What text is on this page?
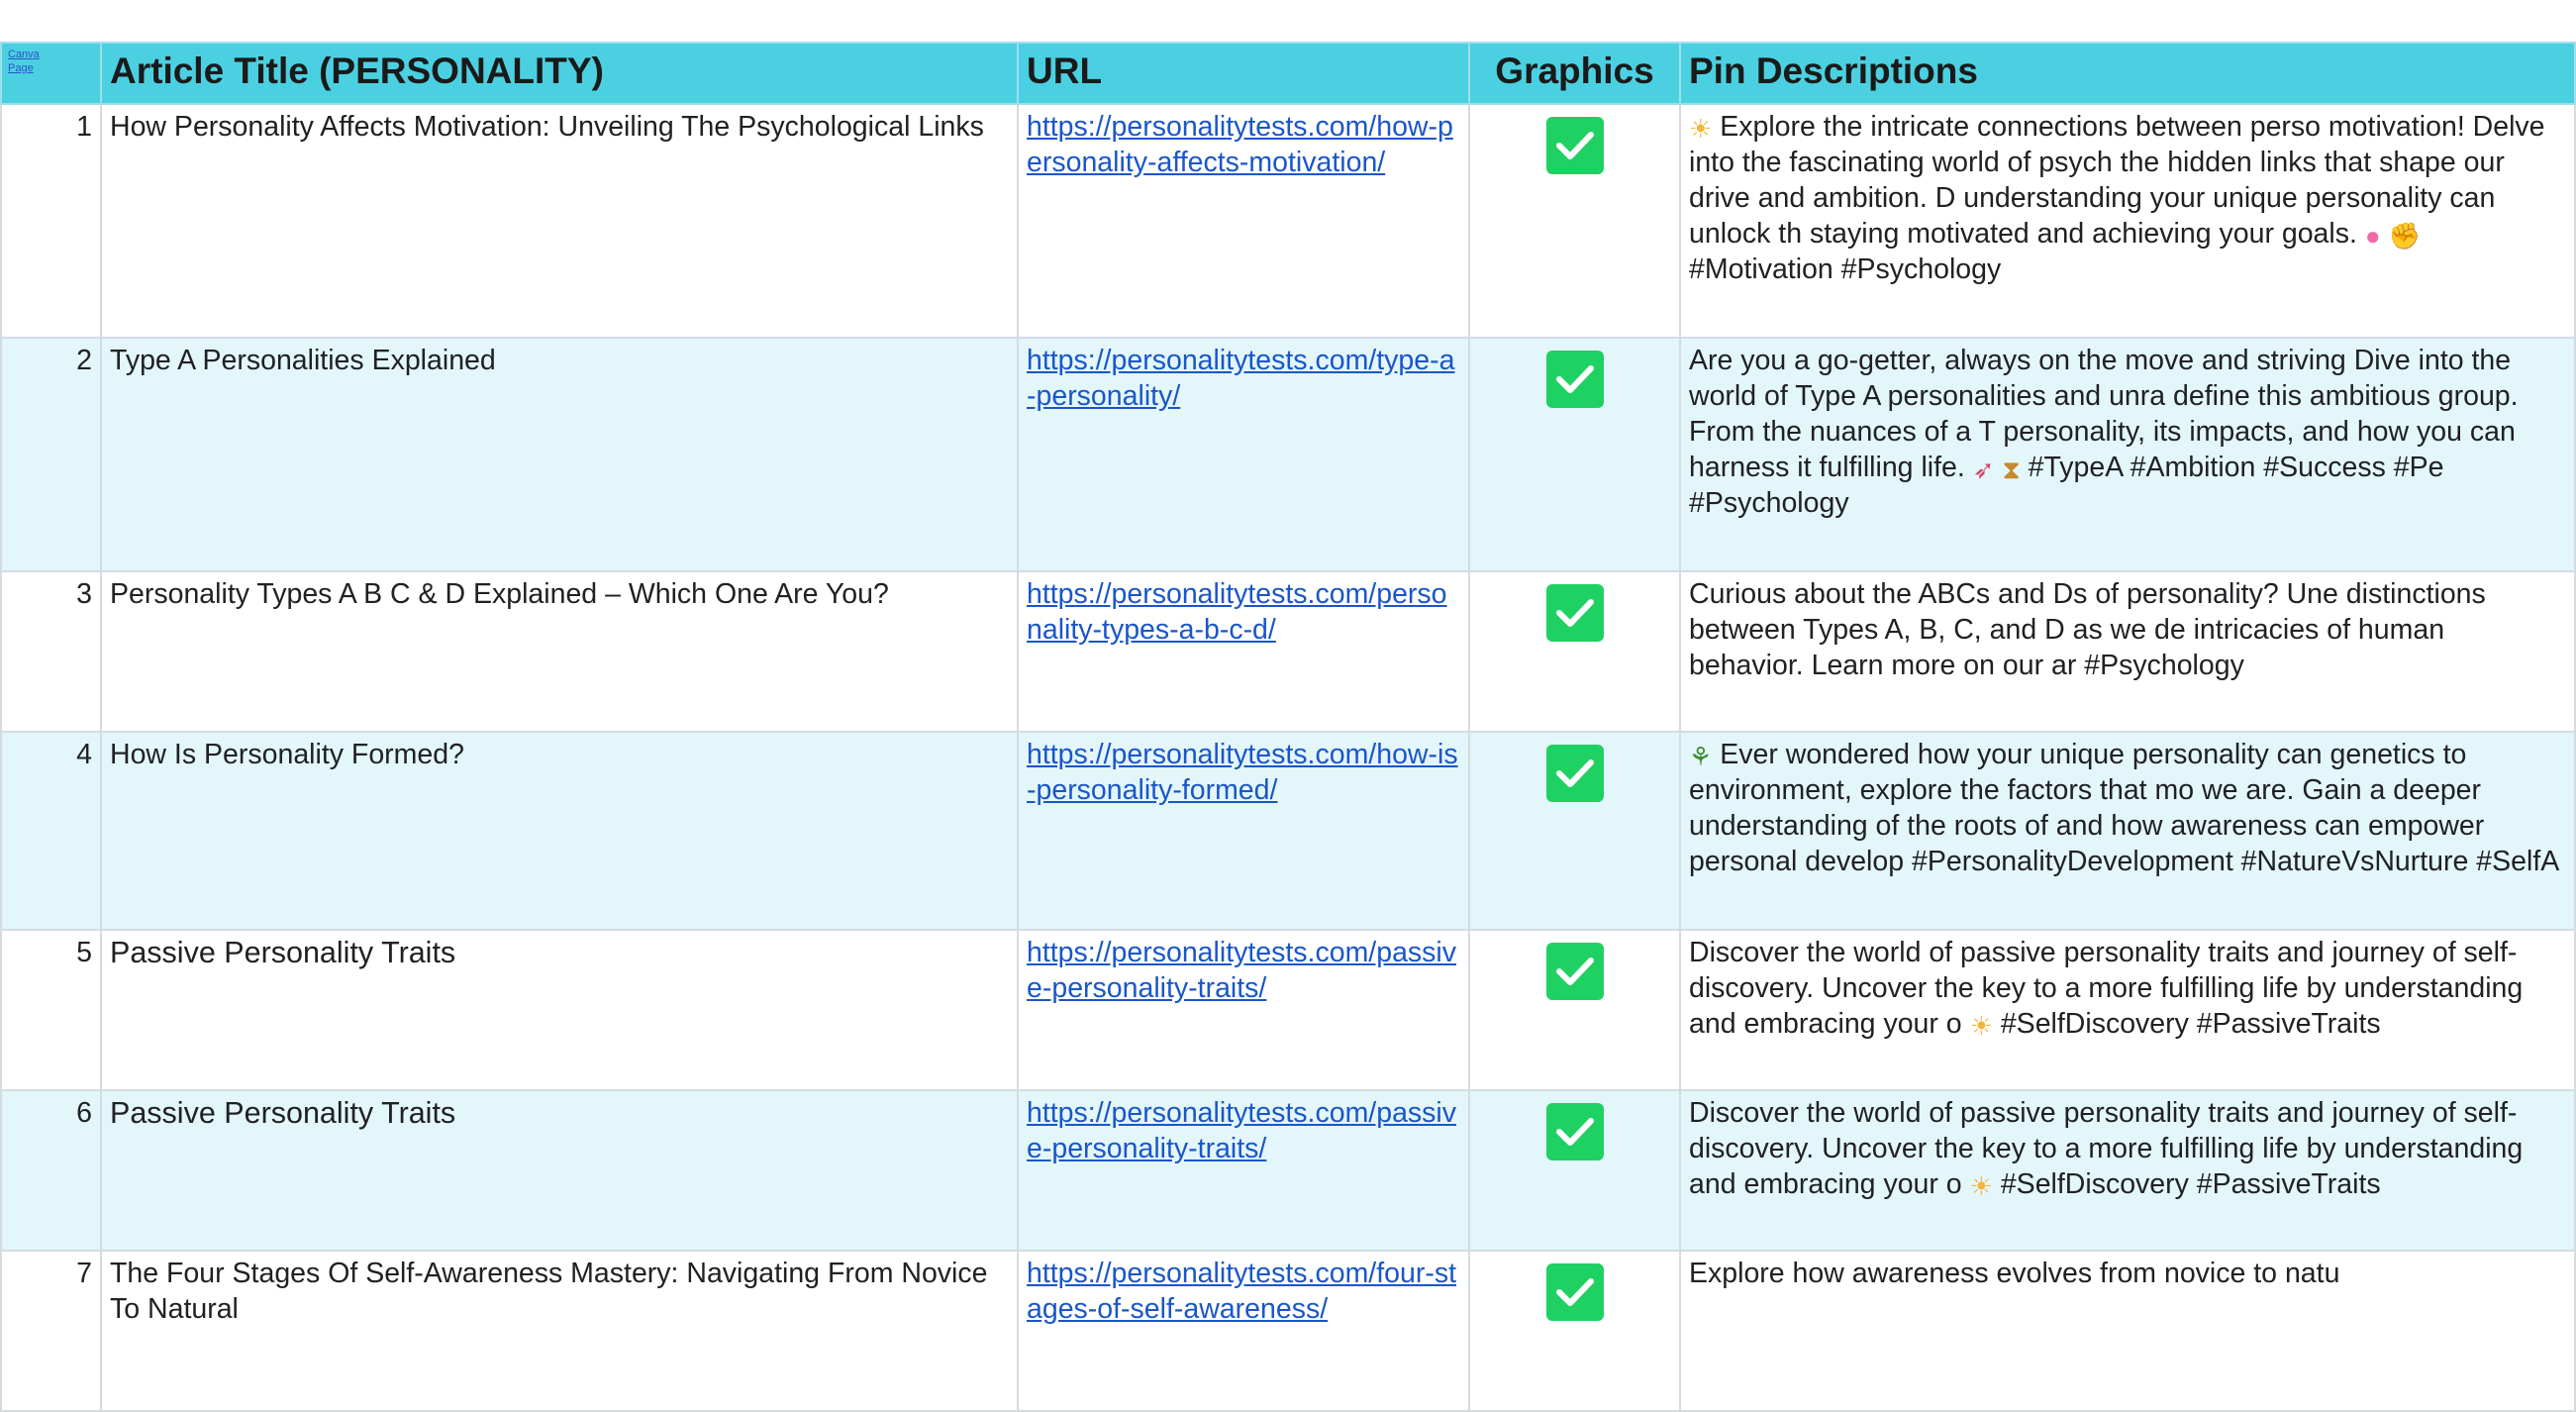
Canva Page	Article Title (PERSONALITY)	URL	Graphics	Pin Descriptions
1	How Personality Affects Motivation: Unveiling The Psychological Links	https://personalitytests.com/how-personality-affects-motivation/		☀ Explore the intricate connections between perso motivation! Delve into the fascinating world of psych the hidden links that shape our drive and ambition. D understanding your unique personality can unlock th staying motivated and achieving your goals. ● ✊ #Motivation #Psychology
2	Type A Personalities Explained	https://personalitytests.com/type-a-personality/		Are you a go-getter, always on the move and striving Dive into the world of Type A personalities and unra define this ambitious group. From the nuances of a T personality, its impacts, and how you can harness it fulfilling life. ➶ ⧗ #TypeA #Ambition #Success #Pe #Psychology
3	Personality Types A B C & D Explained – Which One Are You?	https://personalitytests.com/personality-types-a-b-c-d/		Curious about the ABCs and Ds of personality? Une distinctions between Types A, B, C, and D as we de intricacies of human behavior. Learn more on our ar #Psychology
4	How Is Personality Formed?	https://personalitytests.com/how-is-personality-formed/		⚘ Ever wondered how your unique personality can genetics to environment, explore the factors that mo we are. Gain a deeper understanding of the roots of and how awareness can empower personal develop #PersonalityDevelopment #NatureVsNurture #SelfA
5	Passive Personality Traits	https://personalitytests.com/passive-personality-traits/		Discover the world of passive personality traits and journey of self-discovery. Uncover the key to a more fulfilling life by understanding and embracing your o ☀ #SelfDiscovery #PassiveTraits
6	Passive Personality Traits	https://personalitytests.com/passive-personality-traits/		Discover the world of passive personality traits and journey of self-discovery. Uncover the key to a more fulfilling life by understanding and embracing your o ☀ #SelfDiscovery #PassiveTraits
7	The Four Stages Of Self-Awareness Mastery: Navigating From Novice To Natural	https://personalitytests.com/four-stages-of-self-awareness/		Explore how awareness evolves from novice to natu
